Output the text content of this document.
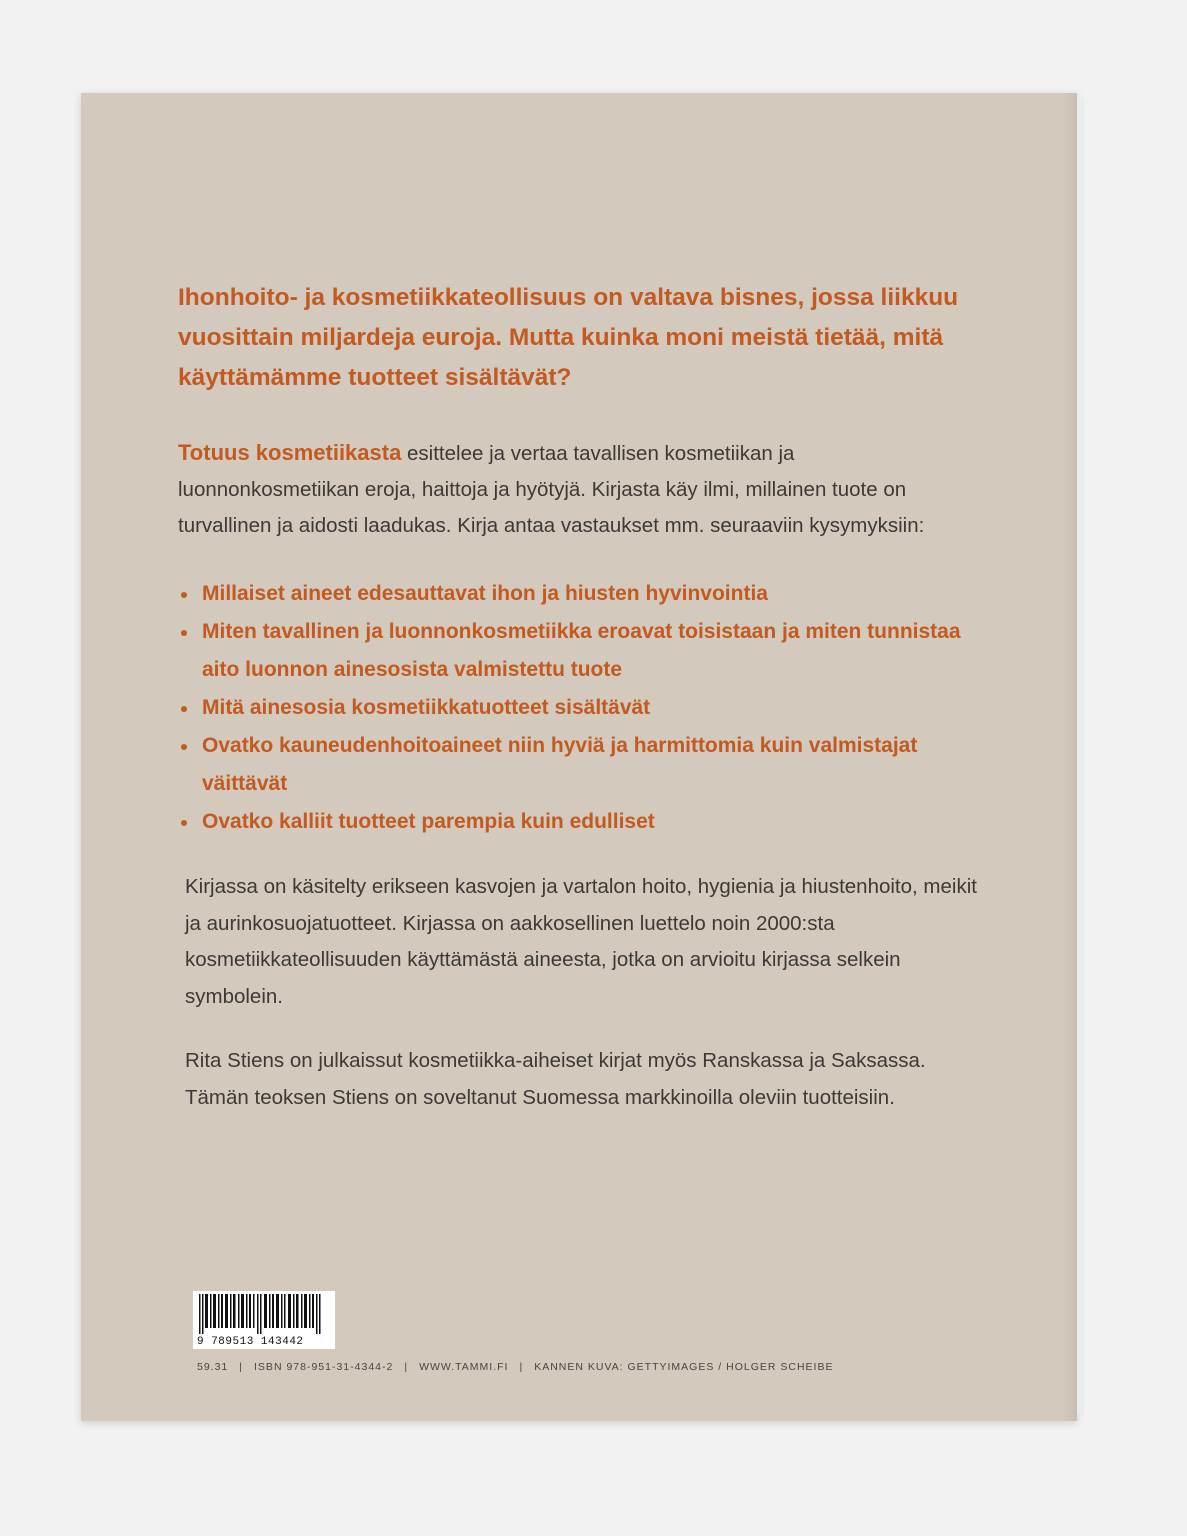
Ihonhoito- ja kosmetiikkateollisuus on valtava bisnes, jossa liikkuu vuosittain miljardeja euroja. Mutta kuinka moni meistä tietää, mitä käyttämämme tuotteet sisältävät?

Totuus kosmetiikasta esittelee ja vertaa tavallisen kosmetiikan ja luonnonkosmetiikan eroja, haittoja ja hyötyjä. Kirjasta käy ilmi, millainen tuote on turvallinen ja aidosti laadukas. Kirja antaa vastaukset mm. seuraaviin kysymyksiin:

Millaiset aineet edesauttavat ihon ja hiusten hyvinvointia
Miten tavallinen ja luonnonkosmetiikka eroavat toisistaan ja miten tunnistaa aito luonnon ainesosista valmistettu tuote
Mitä ainesosia kosmetiikkatuotteet sisältävät
Ovatko kauneudenhoitoaineet niin hyviä ja harmittomia kuin valmistajat väittävät
Ovatko kalliit tuotteet parempia kuin edulliset

Kirjassa on käsitelty erikseen kasvojen ja vartalon hoito, hygienia ja hiustenhoito, meikit ja aurinkosuojatuotteet. Kirjassa on aakkosellinen luettelo noin 2000:sta kosmetiikkateollisuuden käyttämästä aineesta, jotka on arvioitu kirjassa selkein symbolein.

Rita Stiens on julkaissut kosmetiikka-aiheiset kirjat myös Ranskassa ja Saksassa. Tämän teoksen Stiens on soveltanut Suomessa markkinoilla oleviin tuotteisiin.

9 789513 143442
59.31 | ISBN 978-951-31-4344-2 | WWW.TAMMI.FI | KANNEN KUVA: GETTYIMAGES / HOLGER SCHEIBE
